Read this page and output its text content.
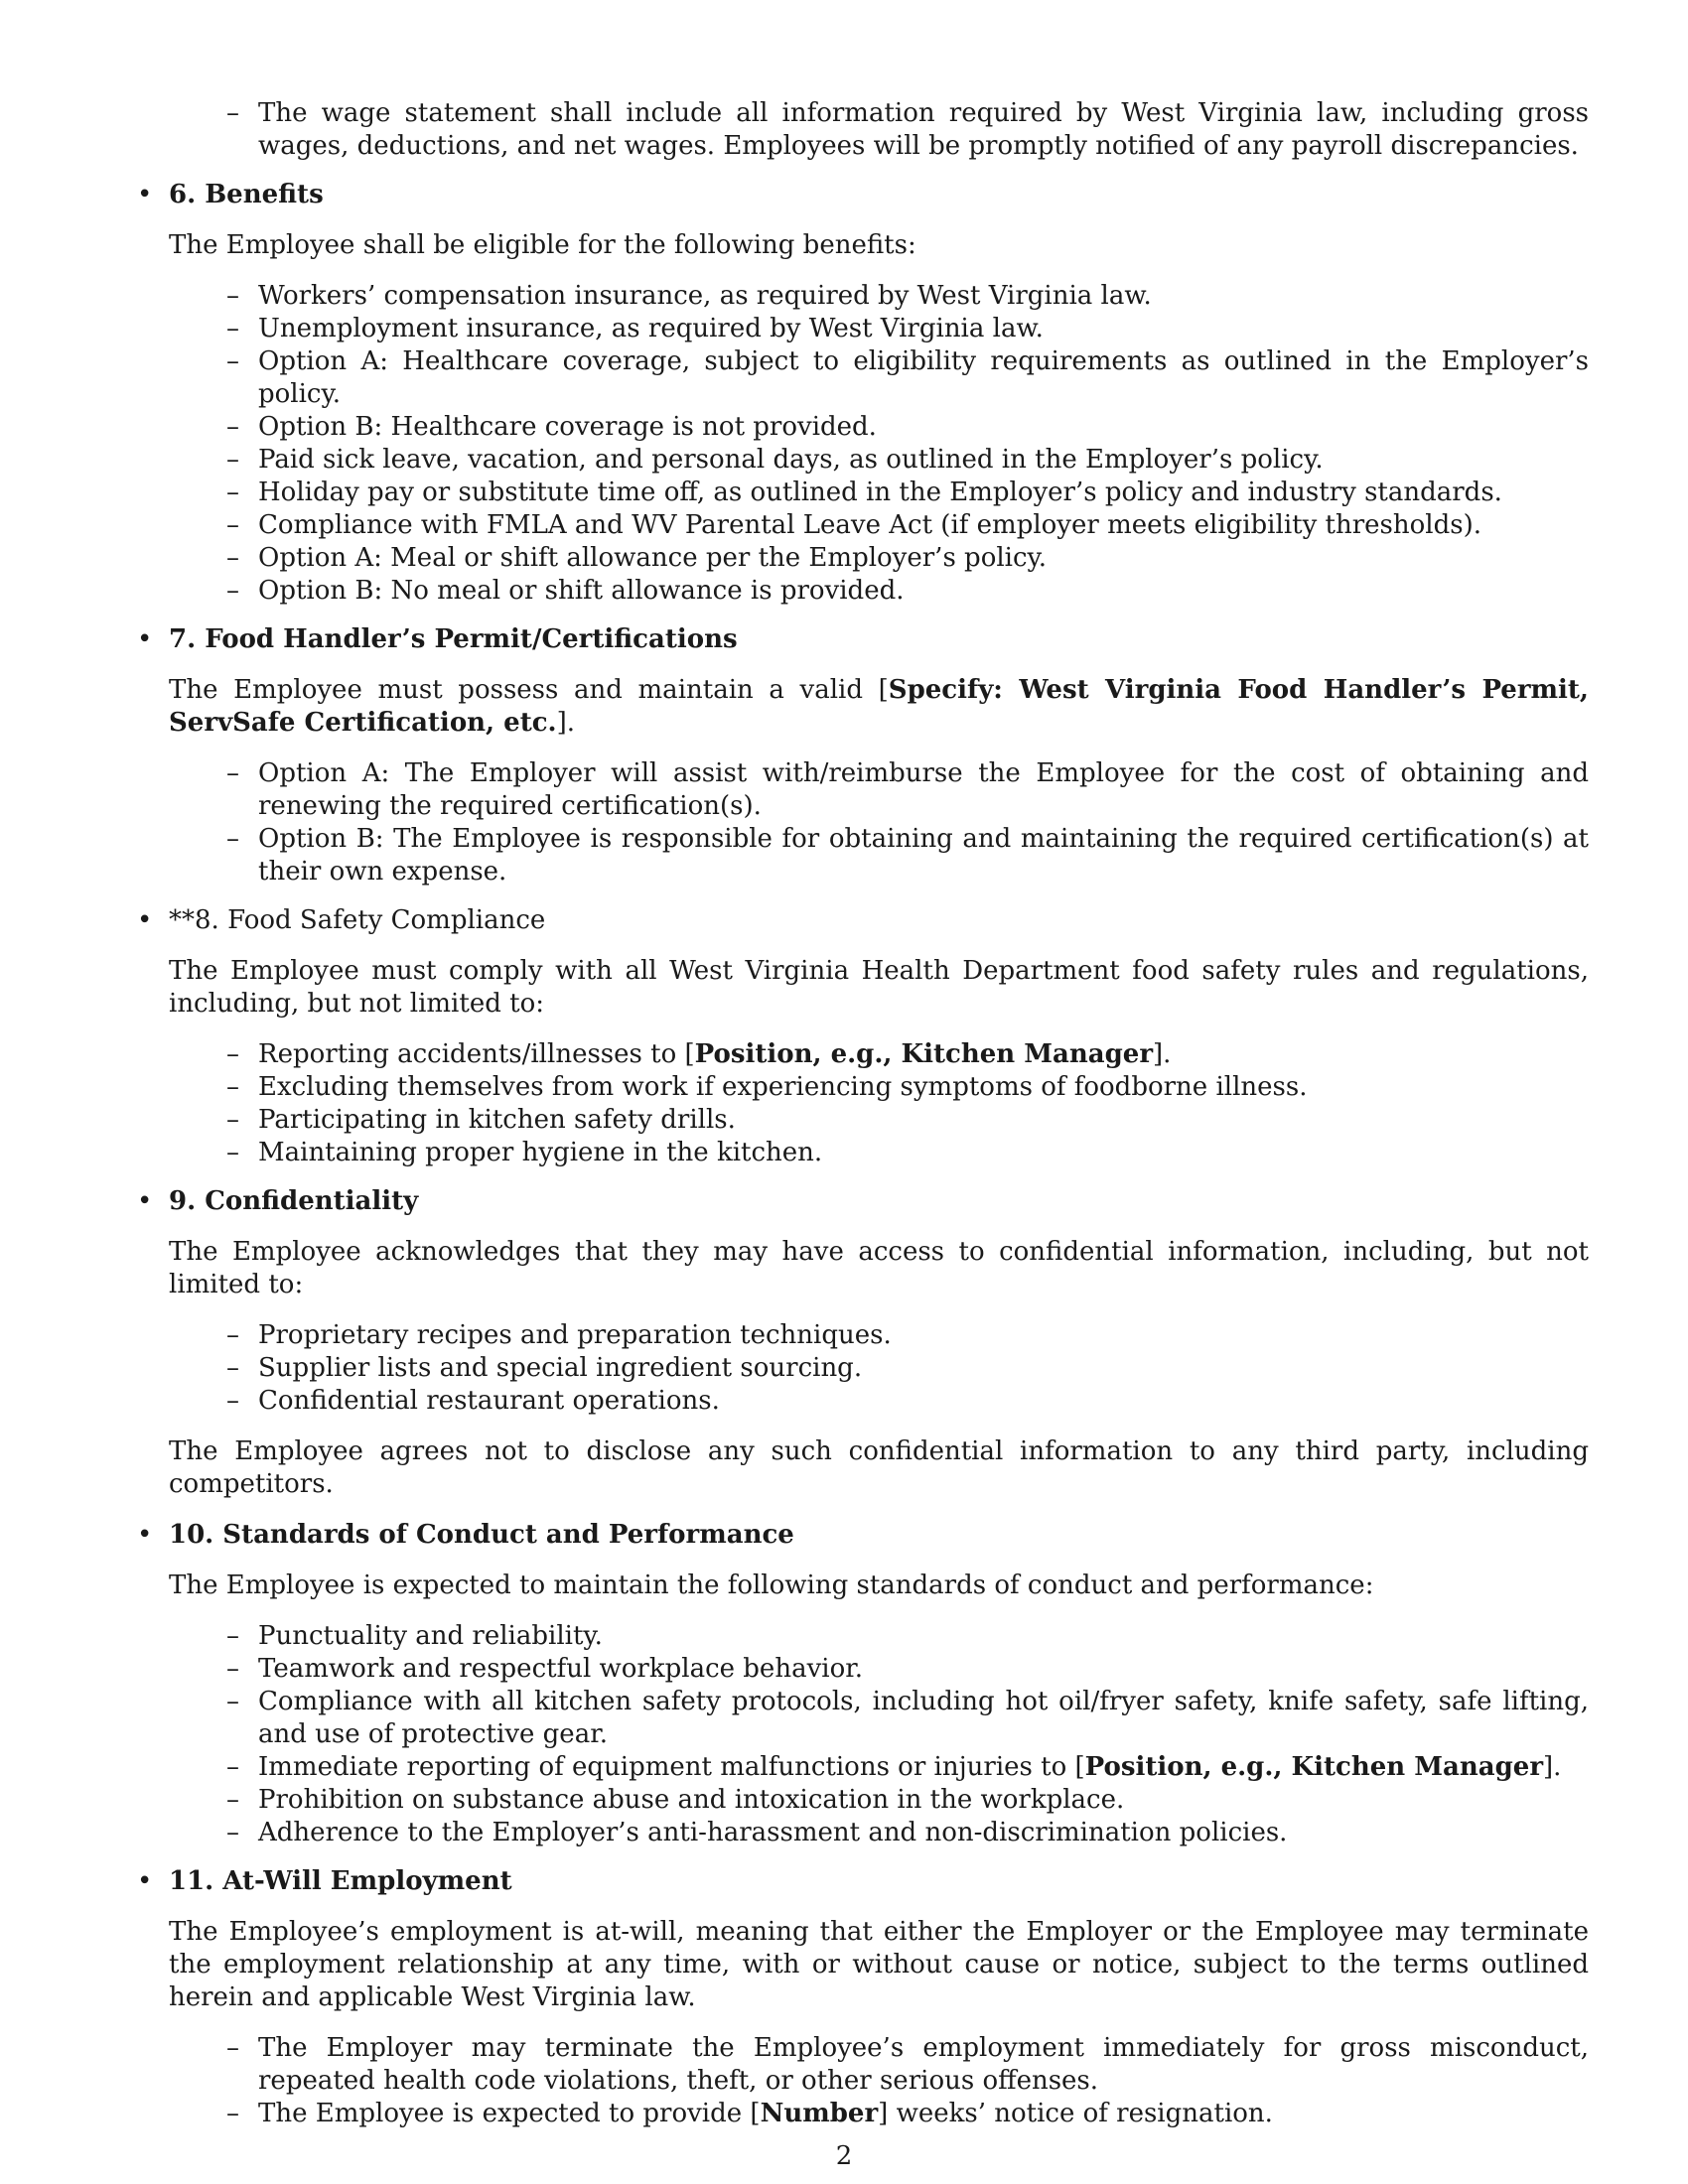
– The wage statement shall include all information required by West Virginia law, including gross wages, deductions, and net wages. Employees will be promptly notified of any payroll discrepancies.
• 6. Benefits

The Employee shall be eligible for the following benefits:

– Workers’ compensation insurance, as required by West Virginia law.
– Unemployment insurance, as required by West Virginia law.
– Option A: Healthcare coverage, subject to eligibility requirements as outlined in the Employer’s policy.
– Option B: Healthcare coverage is not provided.
– Paid sick leave, vacation, and personal days, as outlined in the Employer’s policy.
– Holiday pay or substitute time off, as outlined in the Employer’s policy and industry standards.
– Compliance with FMLA and WV Parental Leave Act (if employer meets eligibility thresholds).
– Option A: Meal or shift allowance per the Employer’s policy.
– Option B: No meal or shift allowance is provided.
• 7. Food Handler’s Permit/Certifications

The Employee must possess and maintain a valid [Specify: West Virginia Food Handler’s Permit, ServSafe Certification, etc.].

– Option A: The Employer will assist with/reimburse the Employee for the cost of obtaining and renewing the required certification(s).
– Option B: The Employee is responsible for obtaining and maintaining the required certification(s) at their own expense.
• **8. Food Safety Compliance

The Employee must comply with all West Virginia Health Department food safety rules and regulations, including, but not limited to:

– Reporting accidents/illnesses to [Position, e.g., Kitchen Manager].
– Excluding themselves from work if experiencing symptoms of foodborne illness.
– Participating in kitchen safety drills.
– Maintaining proper hygiene in the kitchen.
• 9. Confidentiality

The Employee acknowledges that they may have access to confidential information, including, but not limited to:

– Proprietary recipes and preparation techniques.
– Supplier lists and special ingredient sourcing.
– Confidential restaurant operations.

The Employee agrees not to disclose any such confidential information to any third party, including competitors.

• 10. Standards of Conduct and Performance

The Employee is expected to maintain the following standards of conduct and performance:

– Punctuality and reliability.
– Teamwork and respectful workplace behavior.
– Compliance with all kitchen safety protocols, including hot oil/fryer safety, knife safety, safe lifting, and use of protective gear.
– Immediate reporting of equipment malfunctions or injuries to [Position, e.g., Kitchen Manager].
– Prohibition on substance abuse and intoxication in the workplace.
– Adherence to the Employer’s anti-harassment and non-discrimination policies.
• 11. At-Will Employment

The Employee’s employment is at-will, meaning that either the Employer or the Employee may terminate the employment relationship at any time, with or without cause or notice, subject to the terms outlined herein and applicable West Virginia law.

– The Employer may terminate the Employee’s employment immediately for gross misconduct, repeated health code violations, theft, or other serious offenses.
– The Employee is expected to provide [Number] weeks’ notice of resignation.
2
